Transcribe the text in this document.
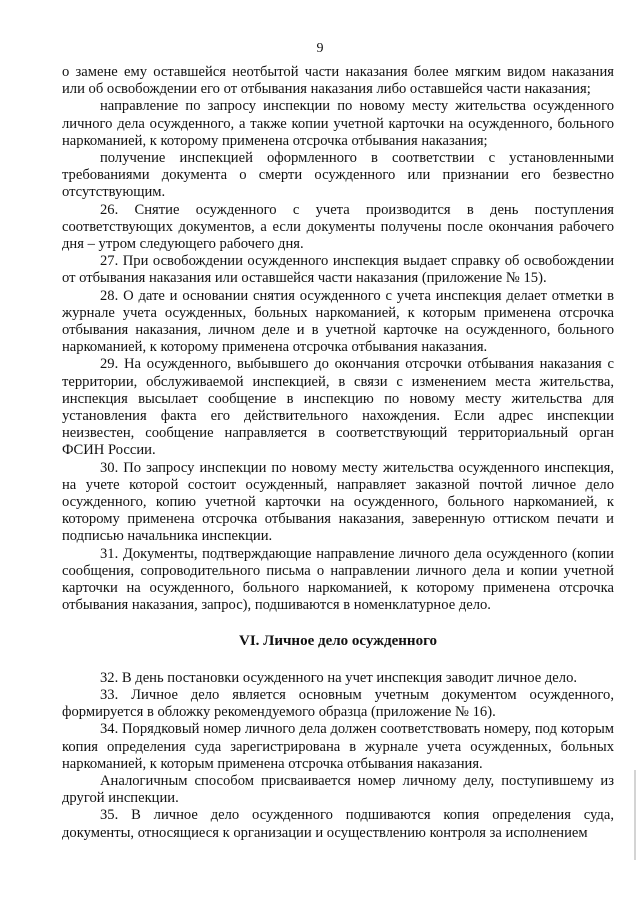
9

о замене ему оставшейся неотбытой части наказания более мягким видом наказания или об освобождении его от отбывания наказания либо оставшейся части наказания;

направление по запросу инспекции по новому месту жительства осужденного личного дела осужденного, а также копии учетной карточки на осужденного, больного наркоманией, к которому применена отсрочка отбывания наказания;

получение инспекцией оформленного в соответствии с установленными требованиями документа о смерти осужденного или признании его безвестно отсутствующим.

26. Снятие осужденного с учета производится в день поступления соответствующих документов, а если документы получены после окончания рабочего дня – утром следующего рабочего дня.

27. При освобождении осужденного инспекция выдает справку об освобождении от отбывания наказания или оставшейся части наказания (приложение № 15).

28. О дате и основании снятия осужденного с учета инспекция делает отметки в журнале учета осужденных, больных наркоманией, к которым применена отсрочка отбывания наказания, личном деле и в учетной карточке на осужденного, больного наркоманией, к которому применена отсрочка отбывания наказания.

29. На осужденного, выбывшего до окончания отсрочки отбывания наказания с территории, обслуживаемой инспекцией, в связи с изменением места жительства, инспекция высылает сообщение в инспекцию по новому месту жительства для установления факта его действительного нахождения. Если адрес инспекции неизвестен, сообщение направляется в соответствующий территориальный орган ФСИН России.

30. По запросу инспекции по новому месту жительства осужденного инспекция, на учете которой состоит осужденный, направляет заказной почтой личное дело осужденного, копию учетной карточки на осужденного, больного наркоманией, к которому применена отсрочка отбывания наказания, заверенную оттиском печати и подписью начальника инспекции.

31. Документы, подтверждающие направление личного дела осужденного (копии сообщения, сопроводительного письма о направлении личного дела и копии учетной карточки на осужденного, больного наркоманией, к которому применена отсрочка отбывания наказания, запрос), подшиваются в номенклатурное дело.

VI. Личное дело осужденного

32. В день постановки осужденного на учет инспекция заводит личное дело.

33. Личное дело является основным учетным документом осужденного, формируется в обложку рекомендуемого образца (приложение № 16).

34. Порядковый номер личного дела должен соответствовать номеру, под которым копия определения суда зарегистрирована в журнале учета осужденных, больных наркоманией, к которым применена отсрочка отбывания наказания.

Аналогичным способом присваивается номер личному делу, поступившему из другой инспекции.

35. В личное дело осужденного подшиваются копия определения суда, документы, относящиеся к организации и осуществлению контроля за исполнением
